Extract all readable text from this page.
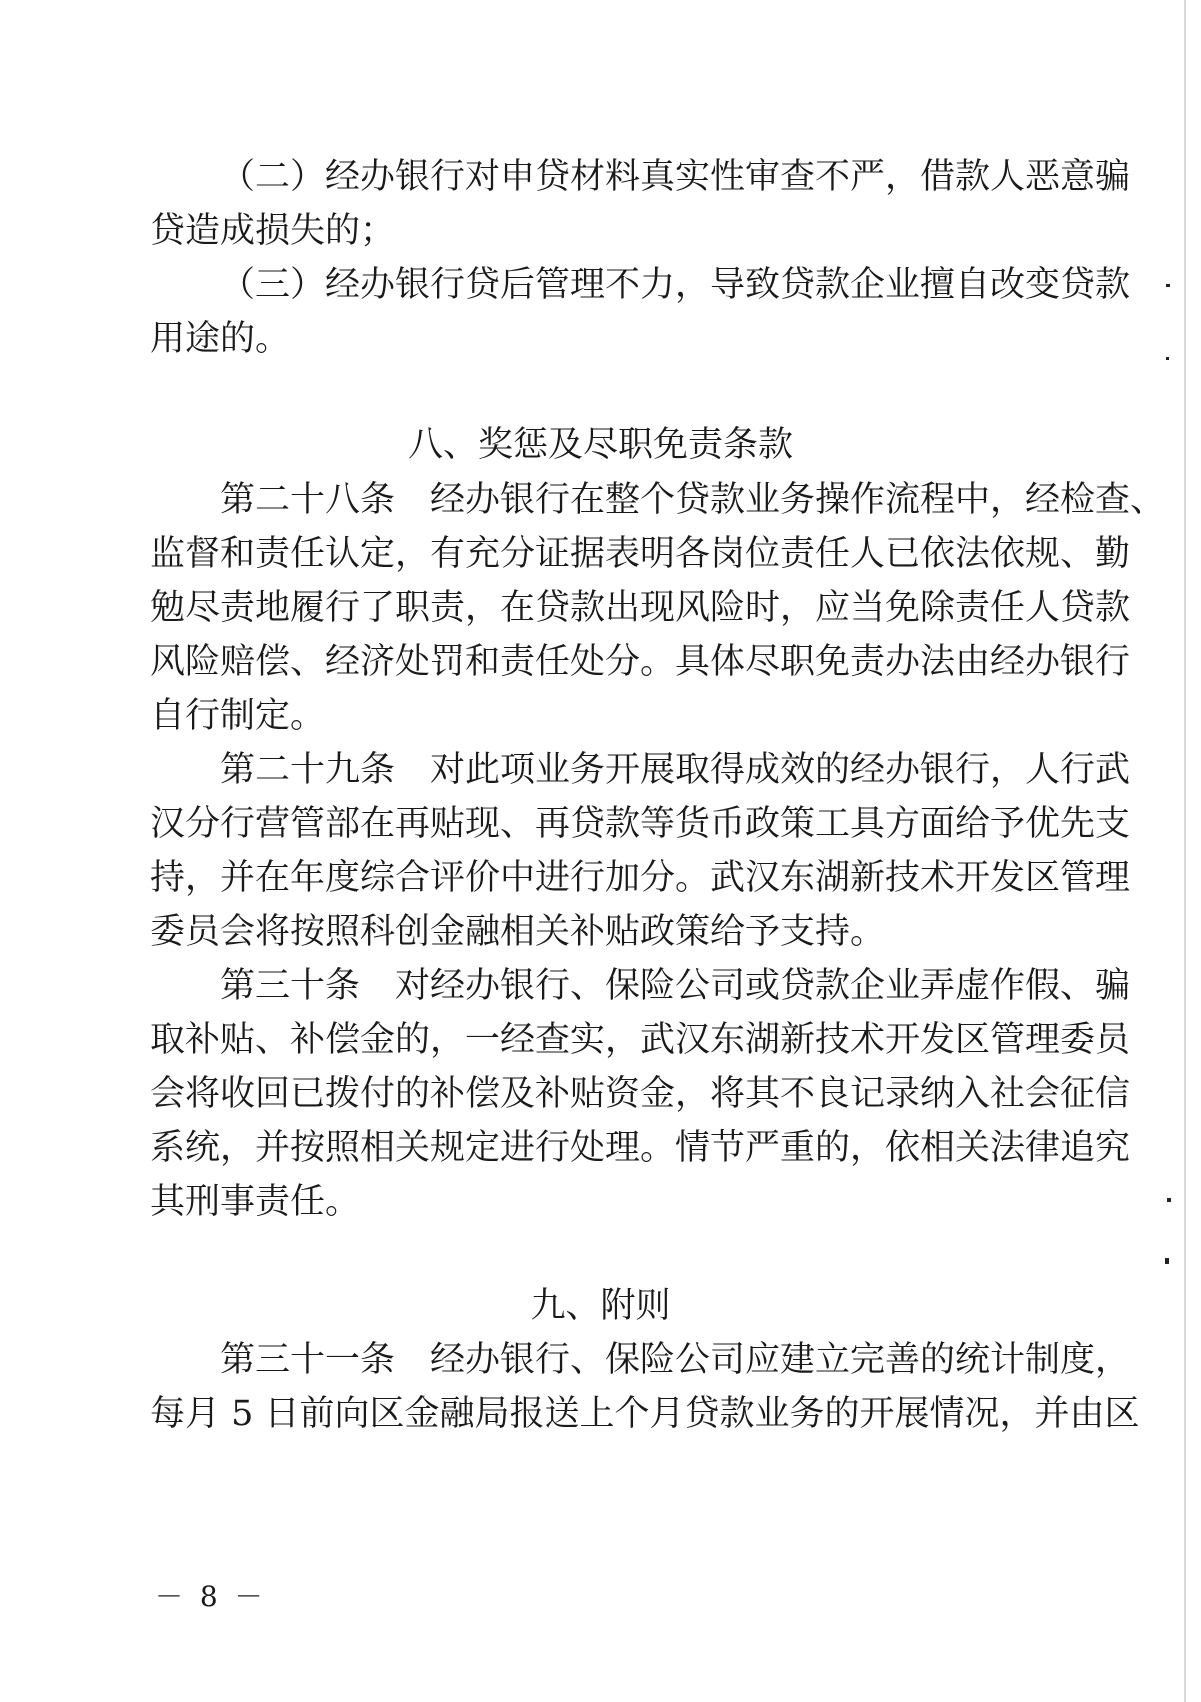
（二）经办银行对申贷材料真实性审查不严，借款人恶意骗
贷造成损失的；
（三）经办银行贷后管理不力，导致贷款企业擅自改变贷款
用途的。
八、奖惩及尽职免责条款
第二十八条　经办银行在整个贷款业务操作流程中，经检查、
监督和责任认定，有充分证据表明各岗位责任人已依法依规、勤
勉尽责地履行了职责，在贷款出现风险时，应当免除责任人贷款
风险赔偿、经济处罚和责任处分。具体尽职免责办法由经办银行
自行制定。
第二十九条　对此项业务开展取得成效的经办银行，人行武
汉分行营管部在再贴现、再贷款等货币政策工具方面给予优先支
持，并在年度综合评价中进行加分。武汉东湖新技术开发区管理
委员会将按照科创金融相关补贴政策给予支持。
第三十条　对经办银行、保险公司或贷款企业弄虚作假、骗
取补贴、补偿金的，一经查实，武汉东湖新技术开发区管理委员
会将收回已拨付的补偿及补贴资金，将其不良记录纳入社会征信
系统，并按照相关规定进行处理。情节严重的，依相关法律追究
其刑事责任。
九、附则
第三十一条　经办银行、保险公司应建立完善的统计制度，
每月 5 日前向区金融局报送上个月贷款业务的开展情况，并由区
－ 8 －
